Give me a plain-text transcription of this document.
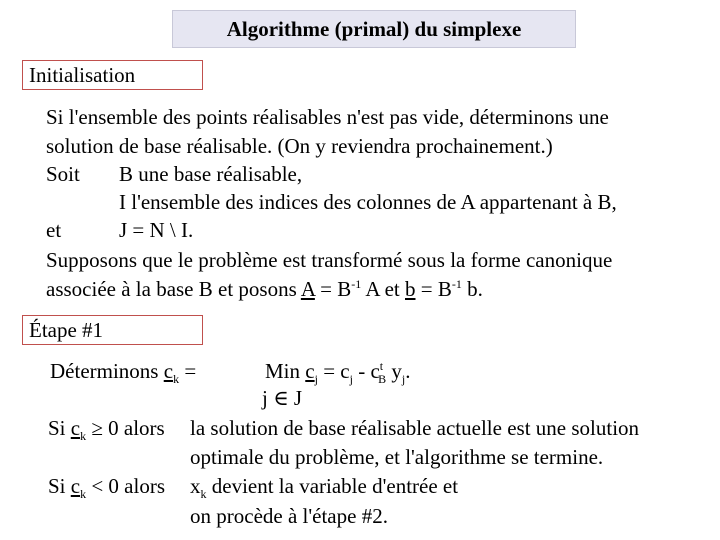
Algorithme (primal) du simplexe
Initialisation
Si l'ensemble des points réalisables n'est pas vide, déterminons une
solution de base réalisable. (On y reviendra prochainement.)
Soit B une base réalisable,
I l'ensemble des indices des colonnes de A appartenant à B,
et	J = N \ I.
Supposons que le problème est transformé sous la forme canonique
associée à la base B et posons $A = B^{-1}$ A et $b = B^{-1}$ b.
Étape #1
Déterminons $c_k$ =	Min $c_j = c_j - c^t_B$ $y_j$.
j ∈ J
Si $c_k \ge 0$ alors la solution de base réalisable actuelle est une solution
optimale du problème, et l'algorithme se termine.
Si $c_k < 0$ alors $x_k$ devient la variable d'entrée et
on procède à l'étape #2.
